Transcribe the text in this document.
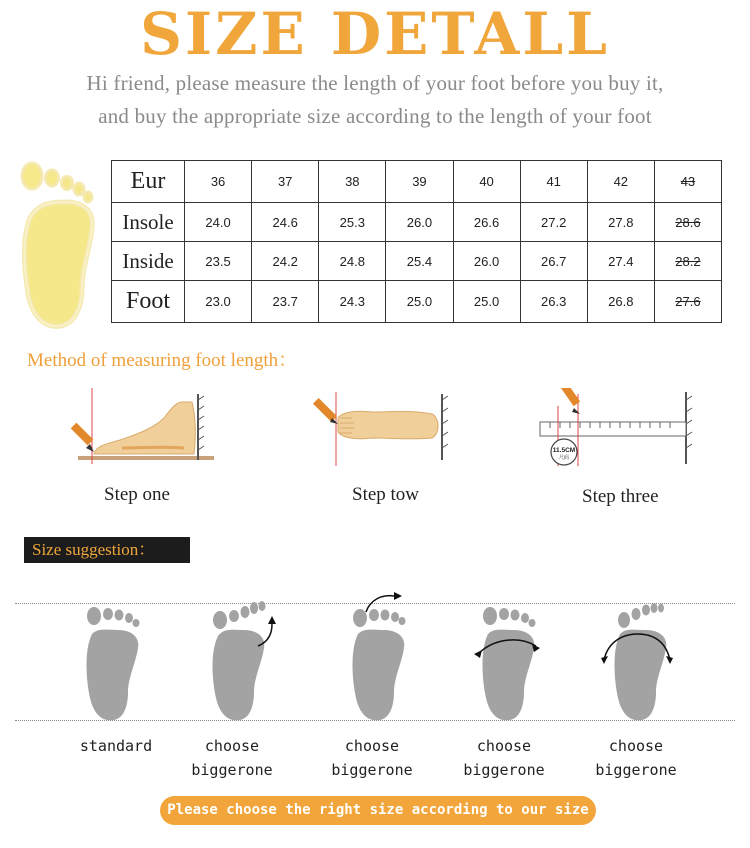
SIZE DETALL
Hi friend, please measure the length of your foot before you buy it,
and buy the appropriate size according to the length of your foot
Eur	36	37	38	39	40	41	42	43
Insole	24.0	24.6	25.3	26.0	26.6	27.2	27.8	28.6
Inside	23.5	24.2	24.8	25.4	26.0	26.7	27.4	28.2
Foot	23.0	23.7	24.3	25.0	25.0	26.3	26.8	27.6
Method of measuring foot length：
11.5CM
尺码
Step one	Step tow	Step three
Size suggestion：
standard	choose
biggerone
choose
biggerone
choose
biggerone
choose
biggerone
Please choose the right size according to our size
